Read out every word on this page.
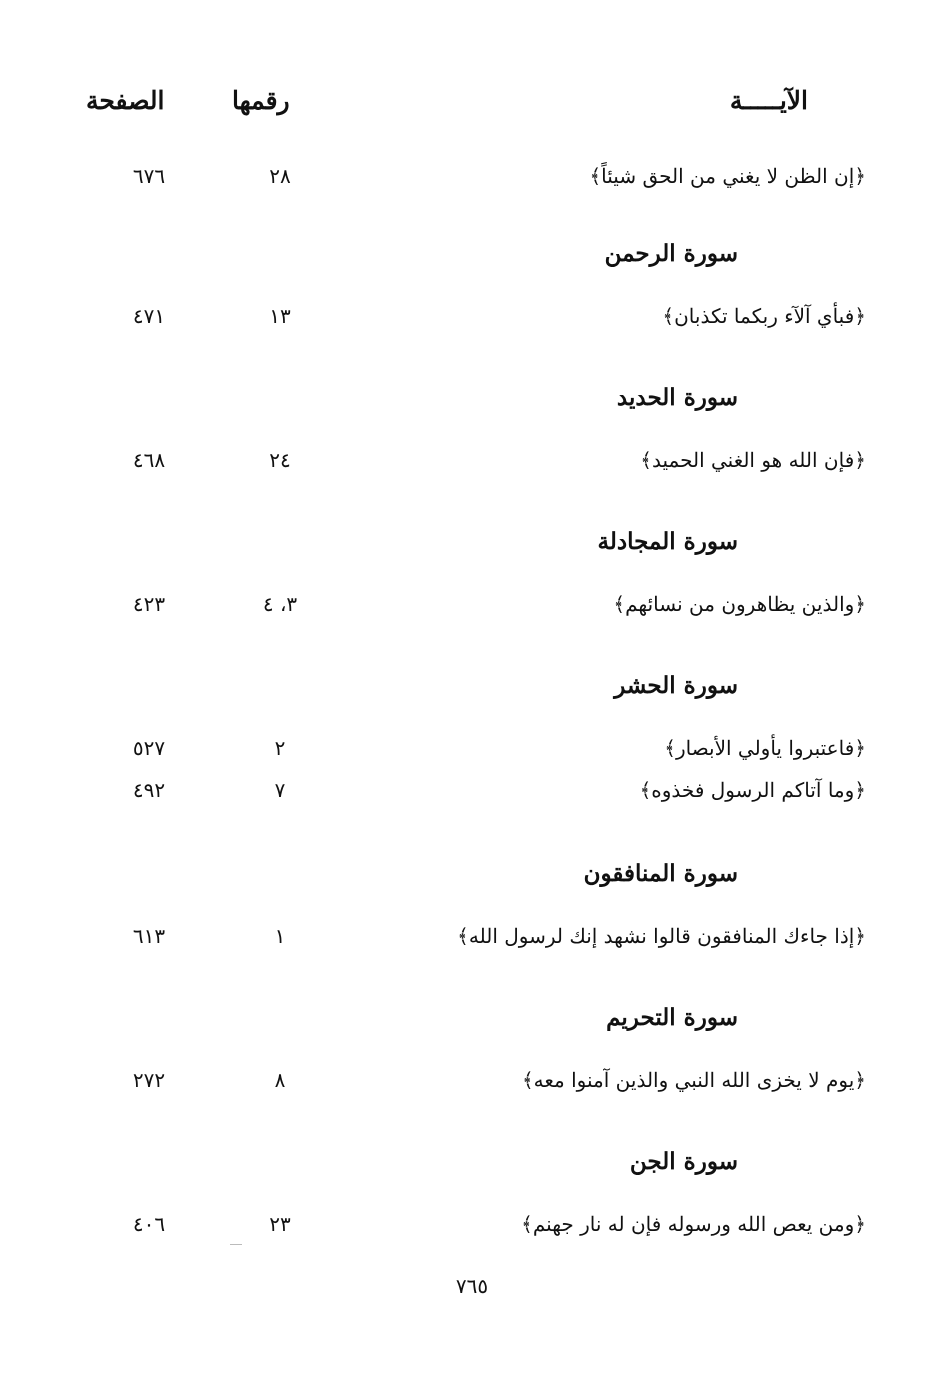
الآيـــــة
رقمها
الصفحة
﴿إن الظن لا يغني من الحق شيئاً﴾
٢٨
٦٧٦
سورة الرحمن
﴿فبأي آلآء ربكما تكذبان﴾
١٣
٤٧١
سورة الحديد
﴿فإن الله هو الغني الحميد﴾
٢٤
٤٦٨
سورة المجادلة
﴿والذين يظاهرون من نسائهم﴾
٣، ٤
٤٢٣
سورة الحشر
﴿فاعتبروا يأولي الأبصار﴾
٢
٥٢٧
﴿وما آتاكم الرسول فخذوه﴾
٧
٤٩٢
سورة المنافقون
﴿إذا جاءك المنافقون قالوا نشهد إنك لرسول الله﴾
١
٦١٣
سورة التحريم
﴿يوم لا يخزى الله النبي والذين آمنوا معه﴾
٨
٢٧٢
سورة الجن
﴿ومن يعص الله ورسوله فإن له نار جهنم﴾
٢٣
٤٠٦
٧٦٥
